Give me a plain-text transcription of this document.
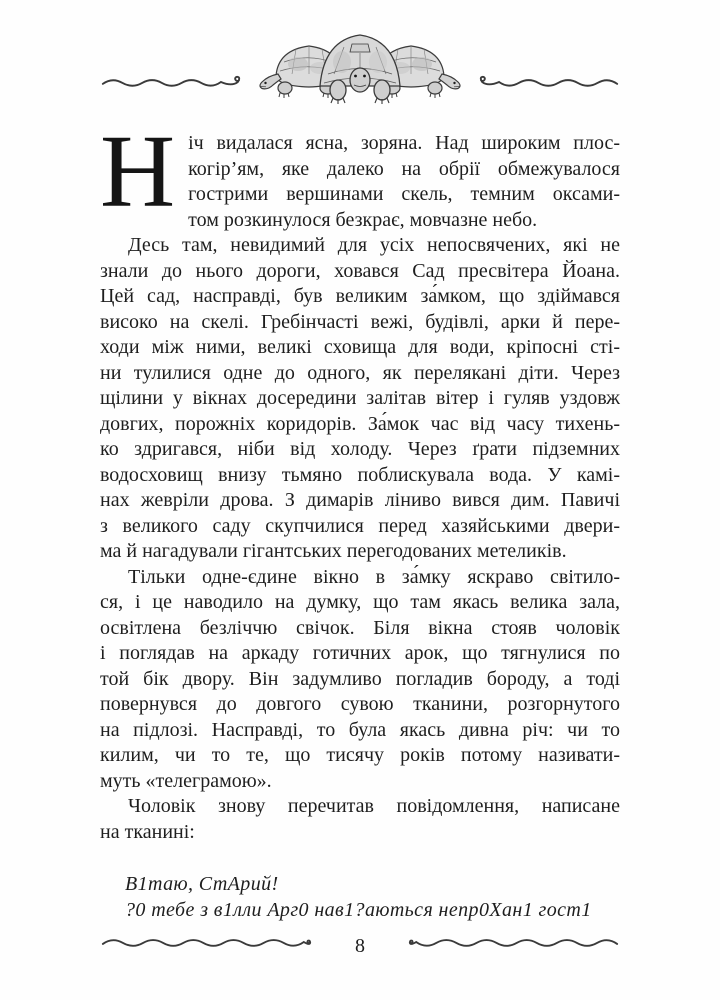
Н іч видалася ясна, зоряна. Над широким плос-
когір’ям, яке далеко на обрії обмежувалося
гострими вершинами скель, темним оксами-
том розкинулося безкрає, мовчазне небо.
Десь там, невидимий для усіх непосвячених, які не
знали до нього дороги, ховався Сад пресвітера Йоана.
Цей сад, насправді, був великим за́мком, що здіймався
високо на скелі. Гребінчасті вежі, будівлі, арки й пере-
ходи між ними, великі сховища для води, кріпосні сті-
ни тулилися одне до одного, як перелякані діти. Через
щілини у вікнах досередини залітав вітер і гуляв уздовж
довгих, порожніх коридорів. За́мок час від часу тихень-
ко здригався, ніби від холоду. Через ґрати підземних
водосховищ внизу тьмяно поблискувала вода. У камі-
нах жевріли дрова. З димарів ліниво вився дим. Павичі
з великого саду скупчилися перед хазяйськими двери-
ма й нагадували гігантських перегодованих метеликів.
Тільки одне-єдине вікно в за́мку яскраво світило-
ся, і це наводило на думку, що там якась велика зала,
освітлена безліччю свічок. Біля вікна стояв чоловік
і поглядав на аркаду готичних арок, що тягнулися по
той бік двору. Він задумливо погладив бороду, а тоді
повернувся до довгого сувою тканини, розгорнутого
на підлозі. Насправді, то була якась дивна річ: чи то
килим, чи то те, що тисячу років потому називати-
муть «телеграмою».
Чоловік знову перечитав повідомлення, написане
на тканині:
В1таю, СтАрий!
?0 тебе з в1лли Арг0 нав1?аються непр0Хан1 гост1
8
